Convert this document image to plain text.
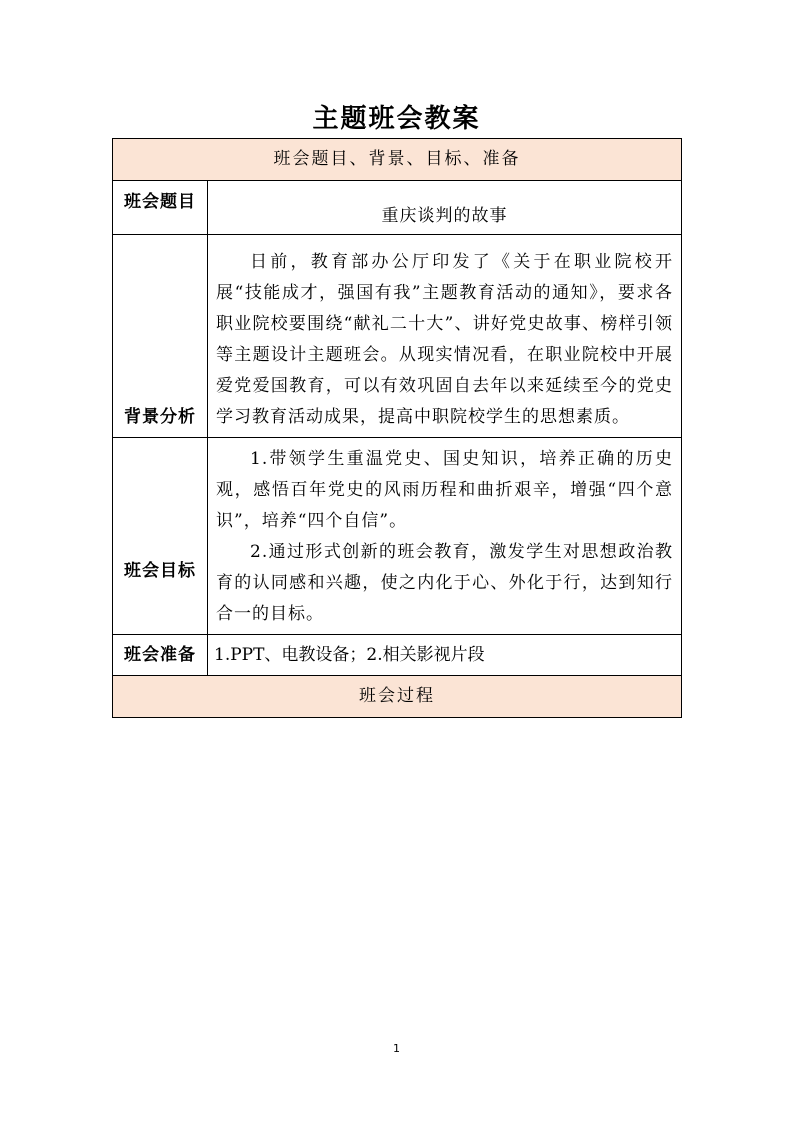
主题班会教案
班会题目、背景、目标、准备	
班会题目	重庆谈判的故事
背景分析	日前，教育部办公厅印发了《关于在职业院校开展“技能成才，强国有我”主题教育活动的通知》，要求各职业院校要围绕“献礼二十大”、讲好党史故事、榜样引领等主题设计主题班会。从现实情况看，在职业院校中开展爱党爱国教育，可以有效巩固自去年以来延续至今的党史学习教育活动成果，提高中职院校学生的思想素质。

班会目标	1.带领学生重温党史、国史知识，培养正确的历史观，感悟百年党史的风雨历程和曲折艰辛，增强“四个意识”，培养“四个自信”。

2.通过形式创新的班会教育，激发学生对思想政治教育的认同感和兴趣，使之内化于心、外化于行，达到知行合一的目标。

班会准备	1.PPT、电教设备；2.相关影视片段
班会过程	
1
